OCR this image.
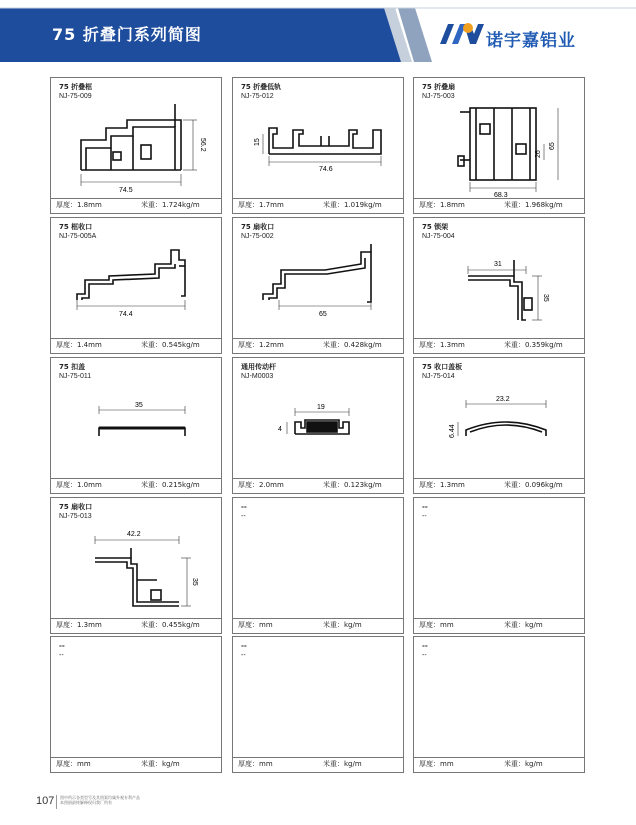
75 折叠门系列简图	诺宇嘉铝业
75 折叠框
NJ-75-009
74.5
56.2
厚度：1.8mm	米重：1.724kg/m
75 折叠低轨
NJ-75-012
74.6
15
厚度：1.7mm	米重：1.019kg/m
75 折叠扇
NJ-75-003
68.3
65
26
厚度：1.8mm	米重：1.968kg/m
75 框收口
NJ-75-005A
74.4
厚度：1.4mm	米重：0.545kg/m
75 扇收口
NJ-75-002
65
厚度：1.2mm	米重：0.428kg/m
75 锁架
NJ-75-004
31
35
厚度：1.3mm	米重：0.359kg/m
75 扣盖
NJ-75-011
35
厚度：1.0mm	米重：0.215kg/m
通用传动杆
NJ-M0003
19
4
厚度：2.0mm	米重：0.123kg/m
75 收口盖板
NJ-75-014
23.2
6.44
厚度：1.3mm	米重：0.096kg/m
75 扇收口
NJ-75-013
42.2
35
厚度：1.3mm	米重：0.455kg/m
--
--
厚度：mm	米重：kg/m
--
--
厚度：mm	米重：kg/m
--
--
厚度：mm	米重：kg/m
--
--
厚度：mm	米重：kg/m
--
--
厚度：mm	米重：kg/m
107 图中所示各类型号及其图案均属外观专利产品
本图册最终解释权归我厂所有
